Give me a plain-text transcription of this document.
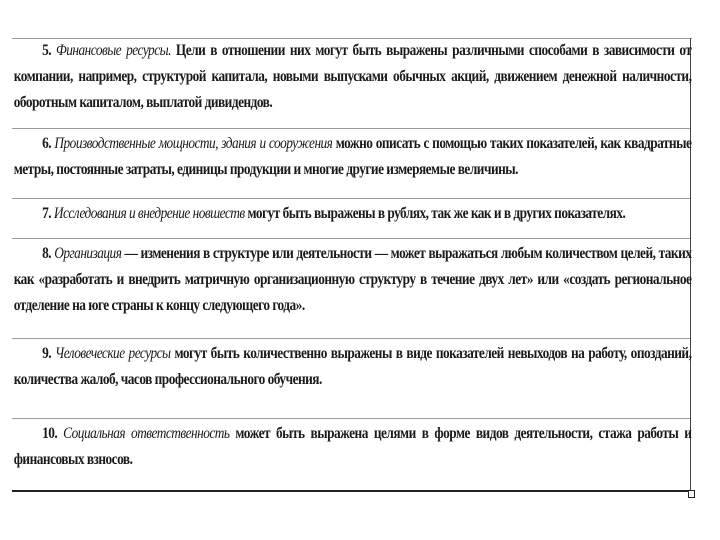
5. Финансовые ресурсы. Цели в отношении них могут быть выражены различными способами в зависимости от компании, например, структурой капитала, новыми выпусками обычных акций, движением денежной наличности, оборотным капиталом, выплатой дивидендов.

6. Производственные мощности, здания и сооружения можно описать с помощью таких показателей, как квадратные метры, постоянные затраты, единицы продукции и многие другие измеряемые величины.

7. Исследования и внедрение новшеств могут быть выражены в рублях, так же как и в других показателях.

8. Организация — изменения в структуре или деятельности — может выражаться любым количеством целей, таких как «разработать и внедрить матричную организационную структуру в течение двух лет» или «создать региональное отделение на юге страны к концу следующего года».

9. Человеческие ресурсы могут быть количественно выражены в виде показателей невыходов на работу, опозданий, количества жалоб, часов профессионального обучения.

10. Социальная ответственность может быть выражена целями в форме видов деятельности, стажа работы и финансовых взносов.
